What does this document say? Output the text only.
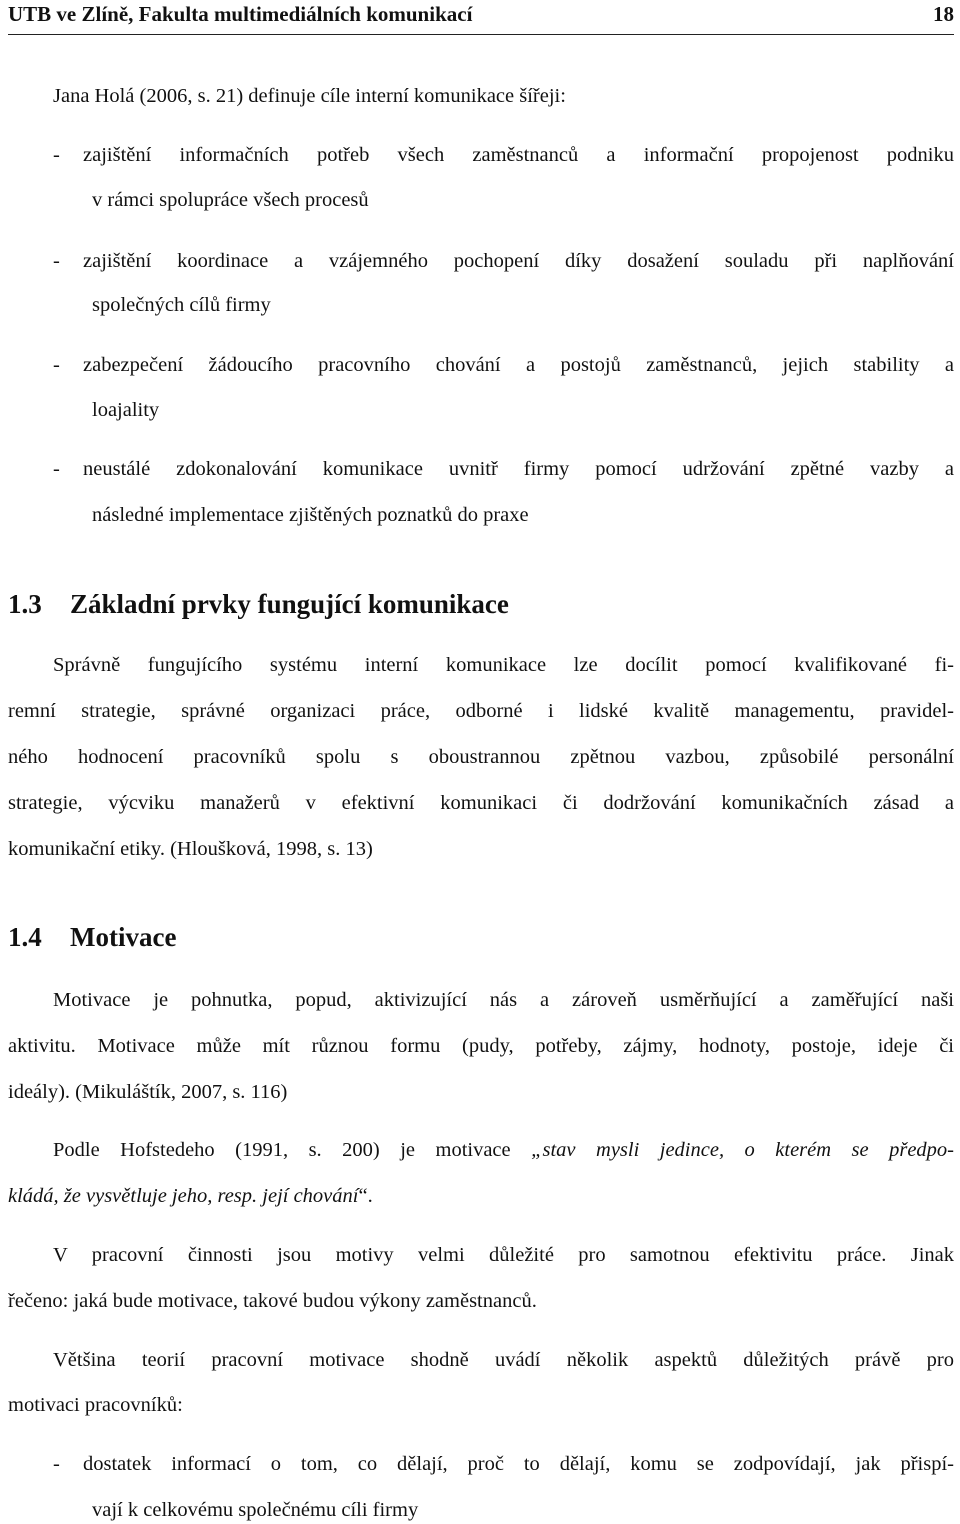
UTB ve Zlíně, Fakulta multimediálních komunikací	18
Jana Holá (2006, s. 21) definuje cíle interní komunikace šířeji:
- zajištění informačních potřeb všech zaměstnanců a informační propojenost podniku
v rámci spolupráce všech procesů
- zajištění koordinace a vzájemného pochopení díky dosažení souladu při naplňování
společných cílů firmy
- zabezpečení žádoucího pracovního chování a postojů zaměstnanců, jejich stability a
loajality
- neustálé zdokonalování komunikace uvnitř firmy pomocí udržování zpětné vazby a
následné implementace zjištěných poznatků do praxe
1.3 Základní prvky fungující komunikace
Správně fungujícího systému interní komunikace lze docílit pomocí kvalifikované fi-
remní strategie, správné organizaci práce, odborné i lidské kvalitě managementu, pravidel-
ného hodnocení pracovníků spolu s oboustrannou zpětnou vazbou, způsobilé personální
strategie, výcviku manažerů v efektivní komunikaci či dodržování komunikačních zásad a
komunikační etiky. (Hloušková, 1998, s. 13)
1.4 Motivace
Motivace je pohnutka, popud, aktivizující nás a zároveň usměrňující a zaměřující naši
aktivitu. Motivace může mít různou formu (pudy, potřeby, zájmy, hodnoty, postoje, ideje či
ideály). (Mikuláštík, 2007, s. 116)
Podle Hofstedeho (1991, s. 200) je motivace „stav mysli jedince, o kterém se předpo-
kládá, že vysvětluje jeho, resp. její chování“.
V pracovní činnosti jsou motivy velmi důležité pro samotnou efektivitu práce. Jinak
řečeno: jaká bude motivace, takové budou výkony zaměstnanců.
Většina teorií pracovní motivace shodně uvádí několik aspektů důležitých právě pro
motivaci pracovníků:
- dostatek informací o tom, co dělají, proč to dělají, komu se zodpovídají, jak přispí-
vají k celkovému společnému cíli firmy
